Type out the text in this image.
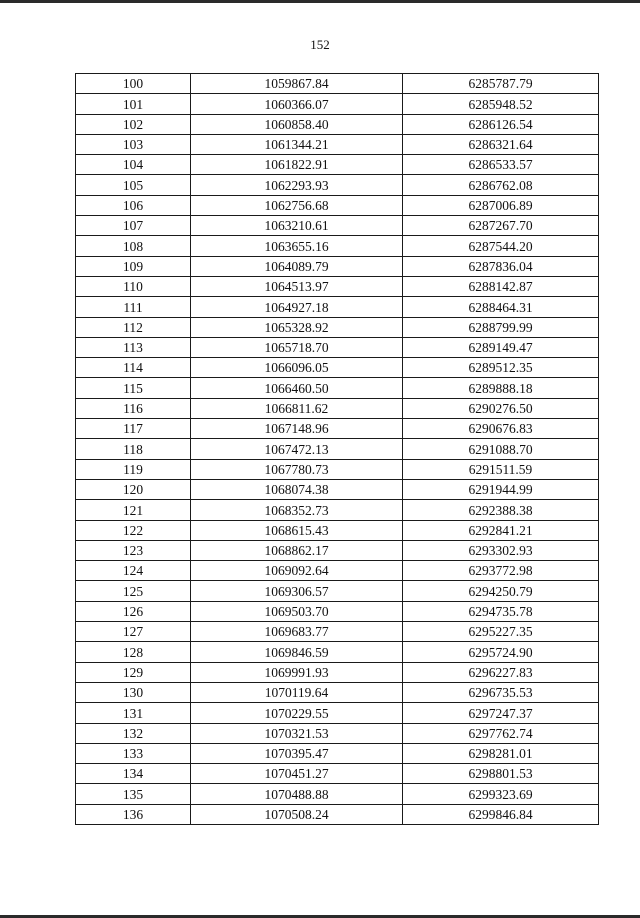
152
100	1059867.84	6285787.79
101	1060366.07	6285948.52
102	1060858.40	6286126.54
103	1061344.21	6286321.64
104	1061822.91	6286533.57
105	1062293.93	6286762.08
106	1062756.68	6287006.89
107	1063210.61	6287267.70
108	1063655.16	6287544.20
109	1064089.79	6287836.04
110	1064513.97	6288142.87
111	1064927.18	6288464.31
112	1065328.92	6288799.99
113	1065718.70	6289149.47
114	1066096.05	6289512.35
115	1066460.50	6289888.18
116	1066811.62	6290276.50
117	1067148.96	6290676.83
118	1067472.13	6291088.70
119	1067780.73	6291511.59
120	1068074.38	6291944.99
121	1068352.73	6292388.38
122	1068615.43	6292841.21
123	1068862.17	6293302.93
124	1069092.64	6293772.98
125	1069306.57	6294250.79
126	1069503.70	6294735.78
127	1069683.77	6295227.35
128	1069846.59	6295724.90
129	1069991.93	6296227.83
130	1070119.64	6296735.53
131	1070229.55	6297247.37
132	1070321.53	6297762.74
133	1070395.47	6298281.01
134	1070451.27	6298801.53
135	1070488.88	6299323.69
136	1070508.24	6299846.84
